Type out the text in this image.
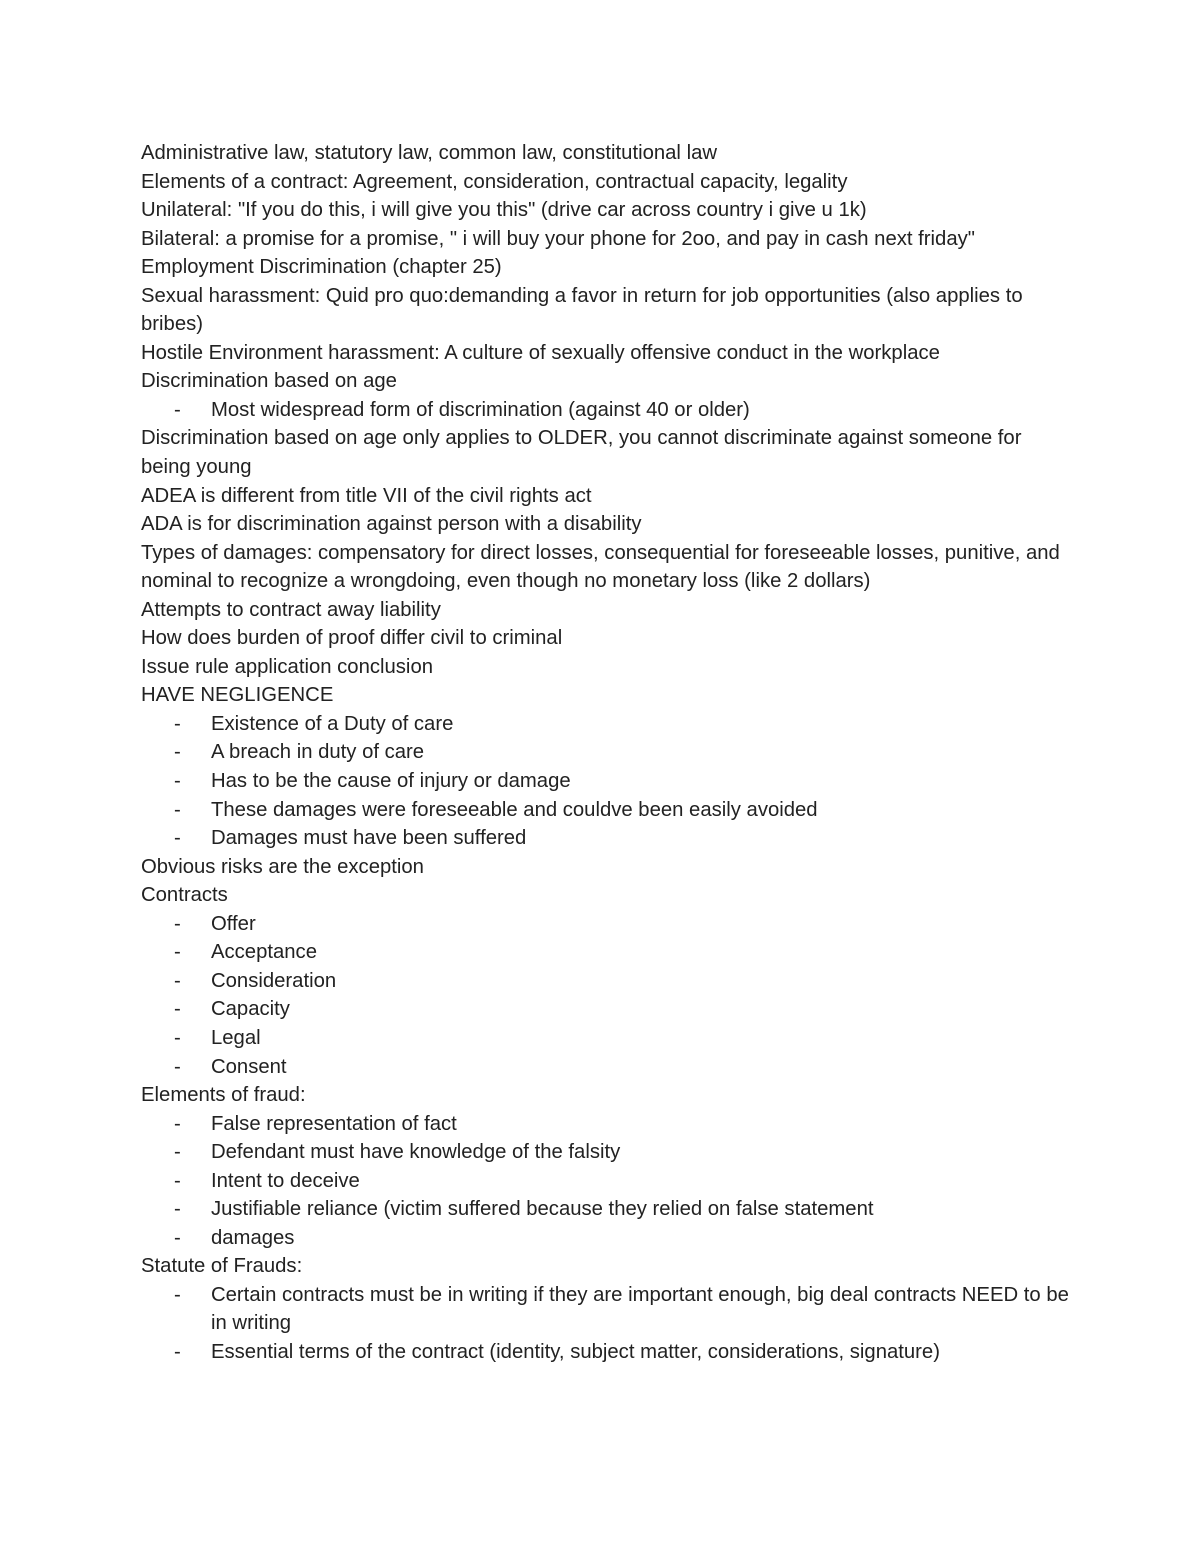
Administrative law, statutory law, common law, constitutional law
Elements of a contract: Agreement, consideration, contractual capacity, legality
Unilateral: "If you do this, i will give you this" (drive car across country i give u 1k)
Bilateral: a promise for a promise, " i will buy your phone for 2oo, and pay in cash next friday"
Employment Discrimination (chapter 25)
Sexual harassment: Quid pro quo:demanding a favor in return for job opportunities (also applies to bribes)
Hostile Environment harassment: A culture of sexually offensive conduct in the workplace
Discrimination based on age
- Most widespread form of discrimination (against 40 or older)
Discrimination based on age only applies to OLDER, you cannot discriminate against someone for being young
ADEA is different from title VII of the civil rights act
ADA is for discrimination against person with a disability
Types of damages: compensatory for direct losses, consequential for foreseeable losses, punitive, and nominal to recognize a wrongdoing, even though no monetary loss (like 2 dollars)
Attempts to contract away liability
How does burden of proof differ civil to criminal
Issue rule application conclusion
HAVE NEGLIGENCE
- Existence of a Duty of care
- A breach in duty of care
- Has to be the cause of injury or damage
- These damages were foreseeable and couldve been easily avoided
- Damages must have been suffered
Obvious risks are the exception
Contracts
- Offer
- Acceptance
- Consideration
- Capacity
- Legal
- Consent
Elements of fraud:
- False representation of fact
- Defendant must have knowledge of the falsity
- Intent to deceive
- Justifiable reliance (victim suffered because they relied on false statement
- damages
Statute of Frauds:
- Certain contracts must be in writing if they are important enough, big deal contracts NEED to be in writing
- Essential terms of the contract (identity, subject matter, considerations, signature)
